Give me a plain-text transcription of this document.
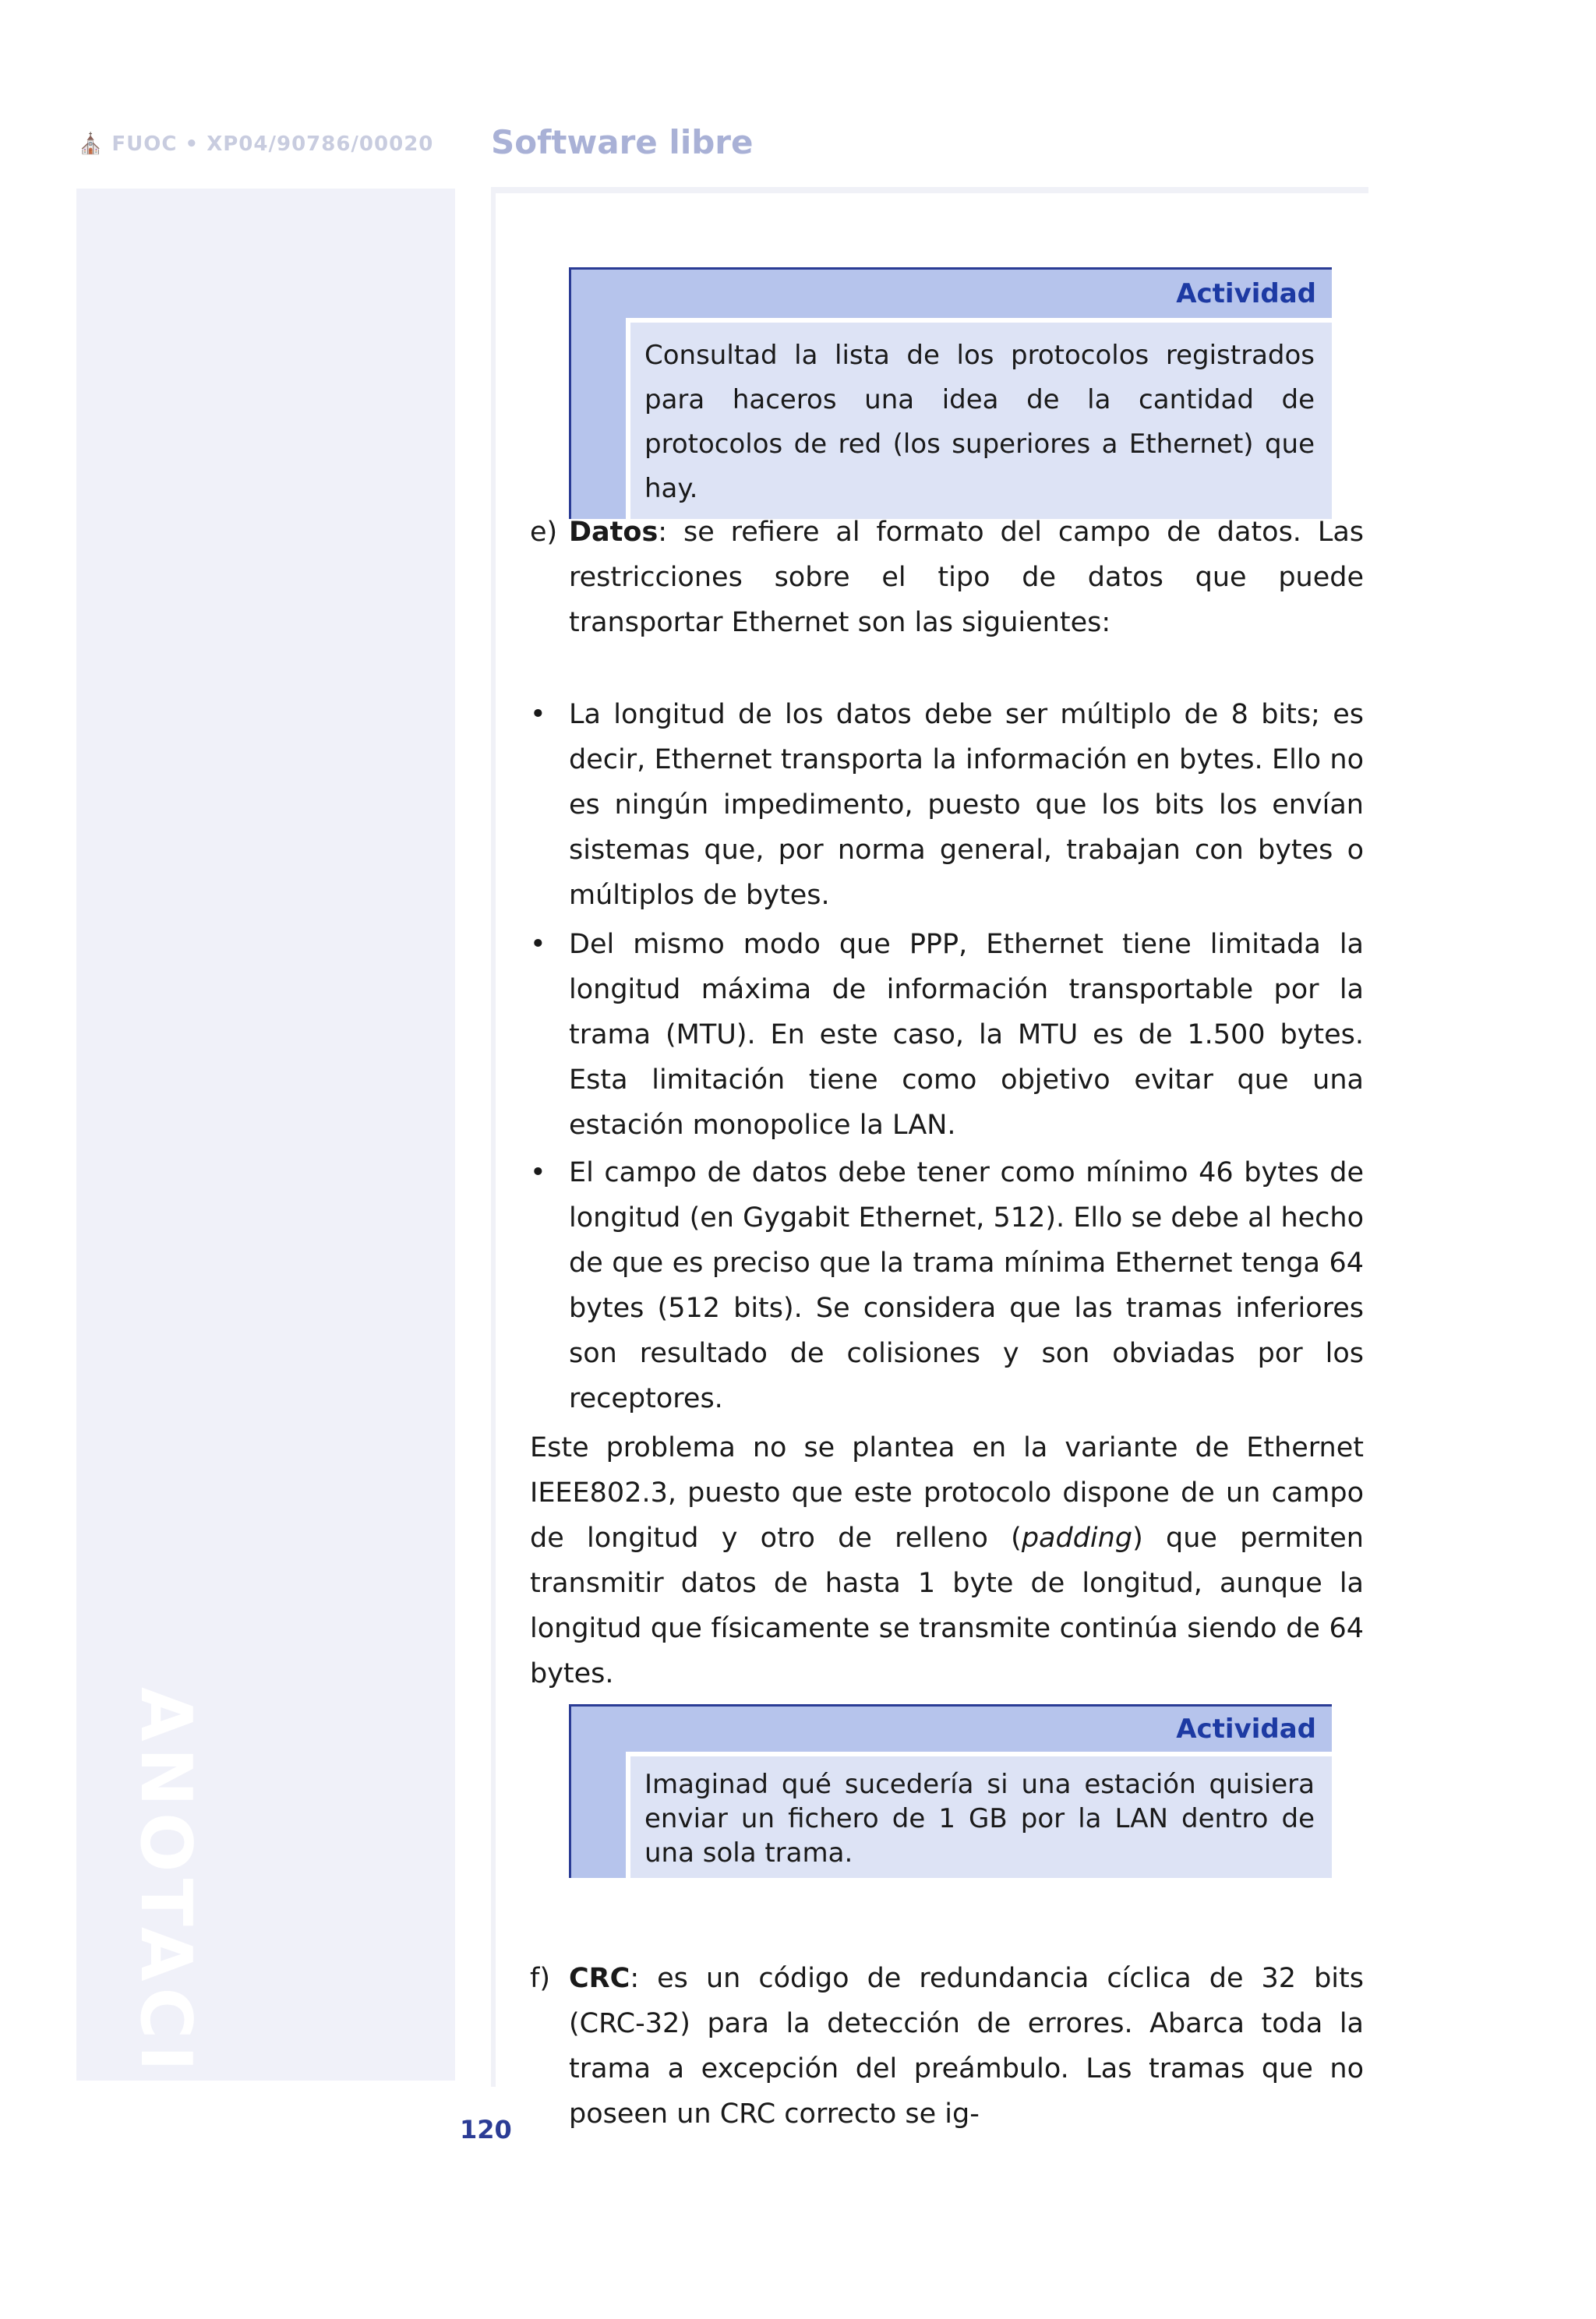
⛪ FUOC • XP04/90786/00020 Software libre
ANOTACIONES
Actividad
Consultad la lista de los protocolos registrados para haceros una idea de la cantidad de protocolos de red (los superiores a Ethernet) que hay.
e) Datos: se refiere al formato del campo de datos. Las restricciones sobre el tipo de datos que puede transportar Ethernet son las siguientes:
• La longitud de los datos debe ser múltiplo de 8 bits; es decir, Ethernet transporta la información en bytes. Ello no es ningún impedimento, puesto que los bits los envían sistemas que, por norma general, trabajan con bytes o múltiplos de bytes.
• Del mismo modo que PPP, Ethernet tiene limitada la longitud máxima de información transportable por la trama (MTU). En este caso, la MTU es de 1.500 bytes. Esta limitación tiene como objetivo evitar que una estación monopolice la LAN.
• El campo de datos debe tener como mínimo 46 bytes de longitud (en Gygabit Ethernet, 512). Ello se debe al hecho de que es preciso que la trama mínima Ethernet tenga 64 bytes (512 bits). Se considera que las tramas inferiores son resultado de colisiones y son obviadas por los receptores.
Este problema no se plantea en la variante de Ethernet IEEE802.3, puesto que este protocolo dispone de un campo de longitud y otro de relleno (padding) que permiten transmitir datos de hasta 1 byte de longitud, aunque la longitud que físicamente se transmite continúa siendo de 64 bytes.
Actividad
Imaginad qué sucedería si una estación quisiera enviar un fichero de 1 GB por la LAN dentro de una sola trama.
f) CRC: es un código de redundancia cíclica de 32 bits (CRC-32) para la detección de errores. Abarca toda la trama a excepción del preámbulo. Las tramas que no poseen un CRC correcto se ig-
120
